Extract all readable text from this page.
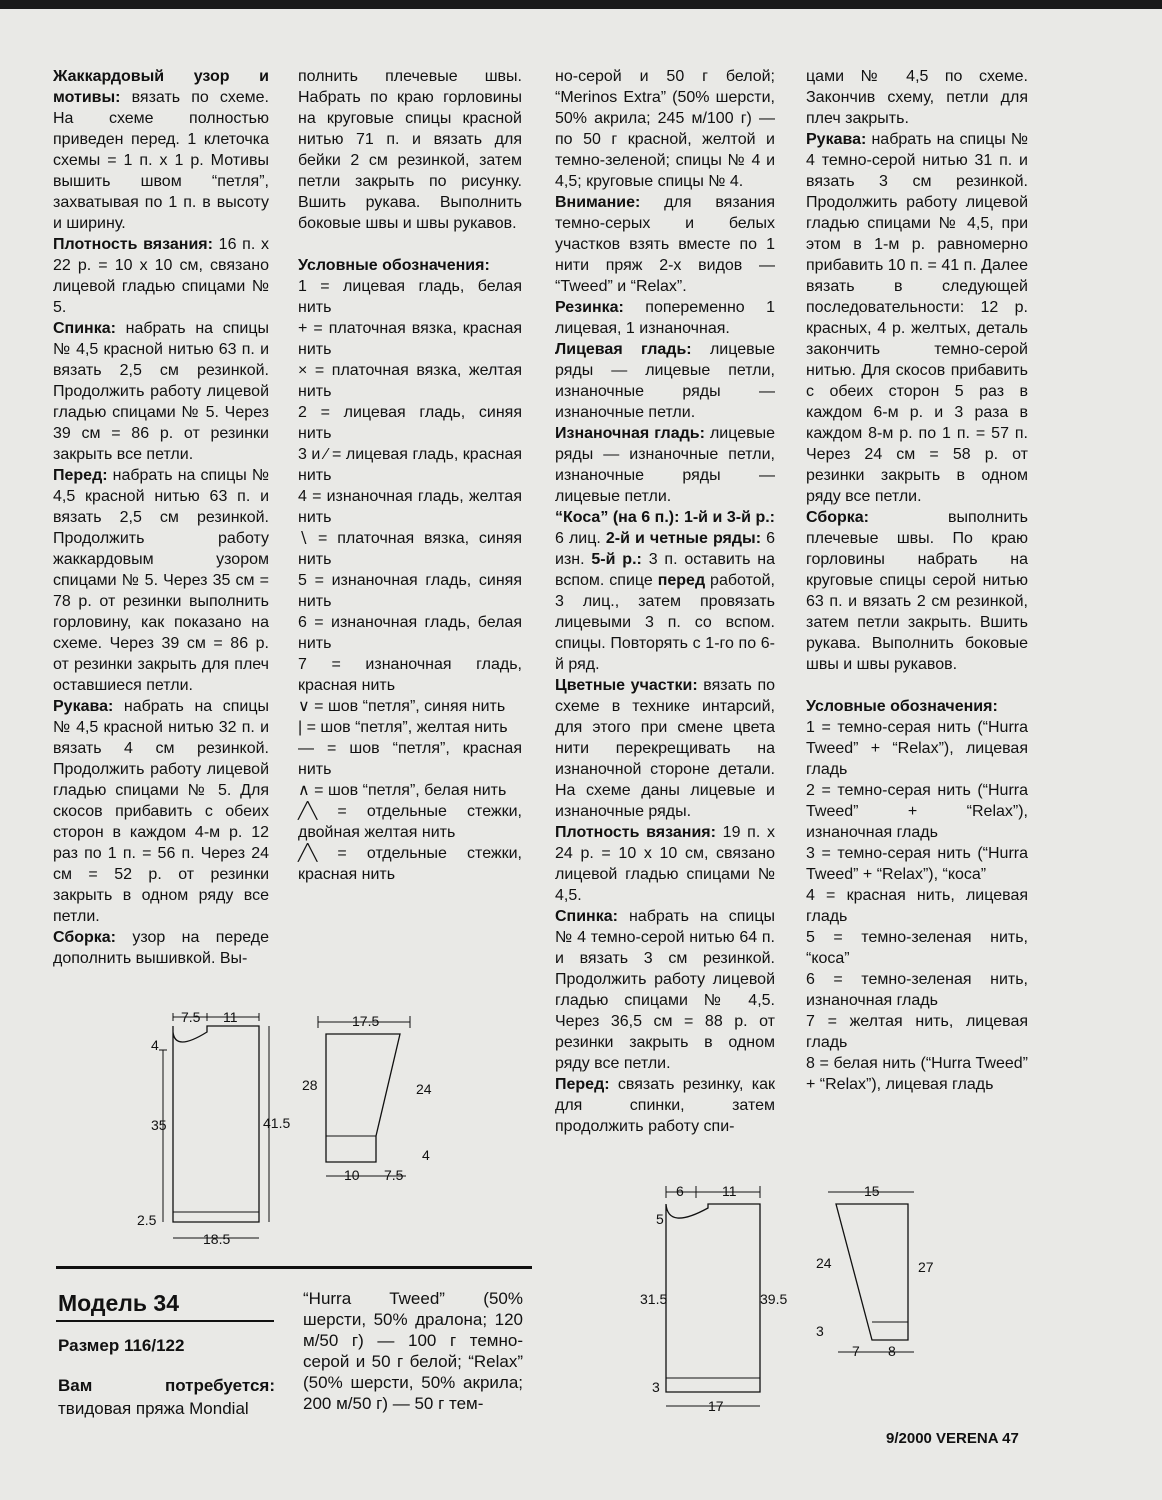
Жаккардовый узор и мотивы: вязать по схеме. На схеме полностью приведен перед. 1 клеточка схемы = 1 п. х 1 р. Мотивы вышить швом “петля”, захватывая по 1 п. в высоту и ширину.

Плотность вязания: 16 п. х 22 р. = 10 х 10 см, связано лицевой гладью спицами № 5.

Спинка: набрать на спицы № 4,5 красной нитью 63 п. и вязать 2,5 см резинкой. Продолжить работу лицевой гладью спицами № 5. Через 39 см = 86 р. от резинки закрыть все петли.

Перед: набрать на спицы № 4,5 красной нитью 63 п. и вязать 2,5 см резинкой. Продолжить работу жаккардовым узором спицами № 5. Через 35 см = 78 р. от резинки выполнить горловину, как показано на схеме. Через 39 см = 86 р. от резинки закрыть для плеч оставшиеся петли.

Рукава: набрать на спицы № 4,5 красной нитью 32 п. и вязать 4 см резинкой. Продолжить работу лицевой гладью спицами № 5. Для скосов прибавить с обеих сторон в каждом 4-м р. 12 раз по 1 п. = 56 п. Через 24 см = 52 р. от резинки закрыть в одном ряду все петли.

Сборка: узор на переде дополнить вышивкой. Вы-

полнить плечевые швы. Набрать по краю горловины на круговые спицы красной нитью 71 п. и вязать для бейки 2 см резинкой, затем петли закрыть по рисунку. Вшить рукава. Выполнить боковые швы и швы рукавов.

Условные обозначения:

1 = лицевая гладь, белая нить

+ = платочная вязка, красная нить

× = платочная вязка, желтая нить

2 = лицевая гладь, синяя нить

3 и ⁄ = лицевая гладь, красная нить

4 = изнаночная гладь, желтая нить

∖ = платочная вязка, синяя нить

5 = изнаночная гладь, синяя нить

6 = изнаночная гладь, белая нить

7 = изнаночная гладь, красная нить

∨ = шов “петля”, синяя нить

| = шов “петля”, желтая нить

— = шов “петля”, красная нить

∧ = шов “петля”, белая нить

╱╲ = отдельные стежки, двойная желтая нить

╱╲ = отдельные стежки, красная нить

но-серой и 50 г белой; “Merinos Extra” (50% шерсти, 50% акрила; 245 м/100 г) — по 50 г красной, желтой и темно-зеленой; спицы № 4 и 4,5; круговые спицы № 4.

Внимание: для вязания темно-серых и белых участков взять вместе по 1 нити пряж 2-х видов — “Tweed” и “Relax”.

Резинка: попеременно 1 лицевая, 1 изнаночная.

Лицевая гладь: лицевые ряды — лицевые петли, изнаночные ряды — изнаночные петли.

Изнаночная гладь: лицевые ряды — изнаночные петли, изнаночные ряды — лицевые петли.

“Коса” (на 6 п.): 1-й и 3-й р.: 6 лиц. 2-й и четные ряды: 6 изн. 5-й р.: 3 п. оставить на вспом. спице перед работой, 3 лиц., затем провязать лицевыми 3 п. со вспом. спицы. Повторять с 1-го по 6-й ряд.

Цветные участки: вязать по схеме в технике интарсий, для этого при смене цвета нити перекрещивать на изнаночной стороне детали. На схеме даны лицевые и изнаночные ряды.

Плотность вязания: 19 п. х 24 р. = 10 х 10 см, связано лицевой гладью спицами № 4,5.

Спинка: набрать на спицы № 4 темно-серой нитью 64 п. и вязать 3 см резинкой. Продолжить работу лицевой гладью спицами № 4,5. Через 36,5 см = 88 р. от резинки закрыть в одном ряду все петли.

Перед: связать резинку, как для спинки, затем продолжить работу спи-

цами № 4,5 по схеме. Закончив схему, петли для плеч закрыть.

Рукава: набрать на спицы № 4 темно-серой нитью 31 п. и вязать 3 см резинкой. Продолжить работу лицевой гладью спицами № 4,5, при этом в 1-м р. равномерно прибавить 10 п. = 41 п. Далее вязать в следующей последовательности: 12 р. красных, 4 р. желтых, деталь закончить темно-серой нитью. Для скосов прибавить с обеих сторон 5 раз в каждом 6-м р. и 3 раза в каждом 8-м р. по 1 п. = 57 п. Через 24 см = 58 р. от резинки закрыть в одном ряду все петли.

Сборка: выполнить плечевые швы. По краю горловины набрать на круговые спицы серой нитью 63 п. и вязать 2 см резинкой, затем петли закрыть. Вшить рукава. Выполнить боковые швы и швы рукавов.

Условные обозначения:

1 = темно-серая нить (“Hurra Tweed” + “Relax”), лицевая гладь

2 = темно-серая нить (“Hurra Tweed” + “Relax”), изнаночная гладь

3 = темно-серая нить (“Hurra Tweed” + “Relax”), “коса”

4 = красная нить, лицевая гладь

5 = темно-зеленая нить, “коса”

6 = темно-зеленая нить, изнаночная гладь

7 = желтая нить, лицевая гладь

8 = белая нить (“Hurra Tweed” + “Relax”), лицевая гладь

7.5 11
4
35	41.5
2.5
18.5
17.5
28	24
4
10 7.5
Модель 34
Размер 116/122

Вам потребуется: твидовая пряжа Mondial

“Hurra Tweed” (50% шерсти, 50% дралона; 120 м/50 г) — 100 г темно-серой и 50 г белой; “Relax” (50% шерсти, 50% акрила; 200 м/50 г) — 50 г тем-

6	11
5
31.5	39.5
3
17
15
24	27
3
7 8
9/2000 VERENA 47
